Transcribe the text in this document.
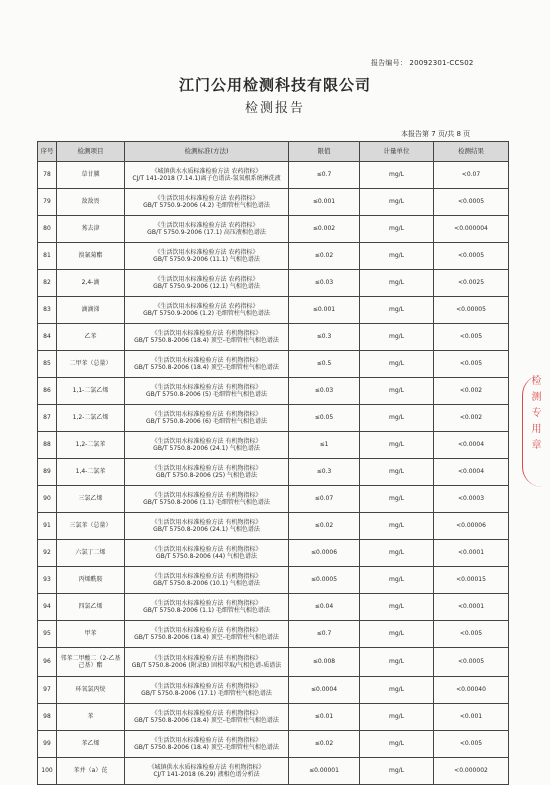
报告编号： 20092301-CCS02
江门公用检测科技有限公司
检测报告
本报告第 7 页/共 8 页
序号	检测项目	检测标准(方法)	限值	计量单位	检测结果
78	草甘膦	《城镇供水水质标准检验方法 农药指标》
CJ/T 141-2018 (7.14.1)离子色谱法-氢氧根系统淋洗液	≤0.7	mg/L	<0.07
79	敌敌畏	《生活饮用水标准检验方法 农药指标》
GB/T 5750.9-2006 (4.2) 毛细管柱气相色谱法	≤0.001	mg/L	<0.0005
80	莠去津	《生活饮用水标准检验方法 农药指标》
GB/T 5750.9-2006 (17.1) 高压液相色谱法	≤0.002	mg/L	<0.000004
81	溴氰菊酯	《生活饮用水标准检验方法 农药指标》
GB/T 5750.9-2006 (11.1) 气相色谱法	≤0.02	mg/L	<0.0005
82	2,4-滴	《生活饮用水标准检验方法 农药指标》
GB/T 5750.9-2006 (12.1) 气相色谱法	≤0.03	mg/L	<0.0025
83	滴滴涕	《生活饮用水标准检验方法 农药指标》
GB/T 5750.9-2006 (1.2) 毛细管柱气相色谱法	≤0.001	mg/L	<0.00005
84	乙苯	《生活饮用水标准检验方法 有机物指标》
GB/T 5750.8-2006 (18.4) 顶空-毛细管柱气相色谱法	≤0.3	mg/L	<0.005
85	二甲苯（总量）	《生活饮用水标准检验方法 有机物指标》
GB/T 5750.8-2006 (18.4) 顶空-毛细管柱气相色谱法	≤0.5	mg/L	<0.005
86	1,1-二氯乙烯	《生活饮用水标准检验方法 有机物指标》
GB/T 5750.8-2006 (5) 毛细管柱气相色谱法	≤0.03	mg/L	<0.002
87	1,2-二氯乙烯	《生活饮用水标准检验方法 有机物指标》
GB/T 5750.8-2006 (6) 毛细管柱气相色谱法	≤0.05	mg/L	<0.002
88	1,2-二氯苯	《生活饮用水标准检验方法 有机物指标》
GB/T 5750.8-2006 (24.1) 气相色谱法	≤1	mg/L	<0.0004
89	1,4-二氯苯	《生活饮用水标准检验方法 有机物指标》
GB/T 5750.8-2006 (25) 气相色谱法	≤0.3	mg/L	<0.0004
90	三氯乙烯	《生活饮用水标准检验方法 有机物指标》
GB/T 5750.8-2006 (1.1) 毛细管柱气相色谱法	≤0.07	mg/L	<0.0003
91	三氯苯（总量）	《生活饮用水标准检验方法 有机物指标》
GB/T 5750.8-2006 (24.1) 气相色谱法	≤0.02	mg/L	<0.00006
92	六氯丁二烯	《生活饮用水标准检验方法 有机物指标》
GB/T 5750.8-2006 (44) 气相色谱法	≤0.0006	mg/L	<0.0001
93	丙烯酰胺	《生活饮用水标准检验方法 有机物指标》
GB/T 5750.8-2006 (10.1) 气相色谱法	≤0.0005	mg/L	<0.00015
94	四氯乙烯	《生活饮用水标准检验方法 有机物指标》
GB/T 5750.8-2006 (1.1) 毛细管柱气相色谱法	≤0.04	mg/L	<0.0001
95	甲苯	《生活饮用水标准检验方法 有机物指标》
GB/T 5750.8-2006 (18.4) 顶空-毛细管柱气相色谱法	≤0.7	mg/L	<0.005
96	邻苯二甲酸二（2-乙基己基）酯	《生活饮用水标准检验方法 有机物指标》
GB/T 5750.8-2006 (附录B) 固相萃取/气相色谱-质谱法	≤0.008	mg/L	<0.0005
97	环氧氯丙烷	《生活饮用水标准检验方法 有机物指标》
GB/T 5750.8-2006 (17.1) 毛细管柱气相色谱法	≤0.0004	mg/L	<0.00040
98	苯	《生活饮用水标准检验方法 有机物指标》
GB/T 5750.8-2006 (18.4) 顶空-毛细管柱气相色谱法	≤0.01	mg/L	<0.001
99	苯乙烯	《生活饮用水标准检验方法 有机物指标》
GB/T 5750.8-2006 (18.4) 顶空-毛细管柱气相色谱法	≤0.02	mg/L	<0.005
100	苯并（a）芘	《城镇供水水质标准检验方法 有机物指标》
CJ/T 141-2018 (6.29) 液相色谱分析法	≤0.00001	mg/L	<0.000002
检测专用章
